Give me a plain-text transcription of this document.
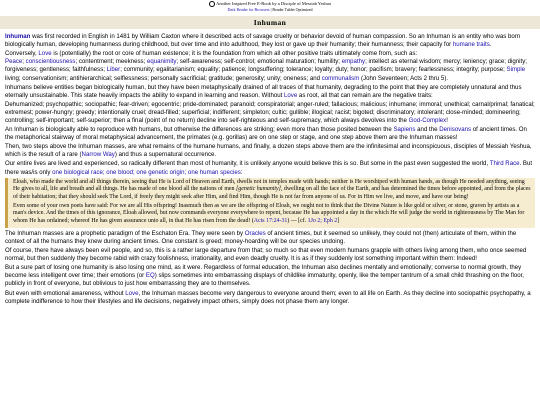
Another Inspired Free E-Book by a Disciple of Messiah Yeshua
Dark Reader for Browsers | Reader Tablet Optimized
Inhuman

Inhuman was first recorded in English in 1481 by William Caxton where it described acts of savage cruelty or behavior devoid of human compassion. So an Inhuman is an entity who was born biologically human, developing humanness during childhood, but over time and into adulthood, they lost or gave up their humanity; their humanness; their capacity for humane traits.

Conversely, Love is (potentially) the root or core of human existence; it is the foundation from which all other positive traits ultimately come from, such as:
Peace; conscientiousness; contentment; meekness; equanimity; self-awareness; self-control; emotional maturation; humility; empathy; intellect as eternal wisdom; mercy; leniency; grace; dignity; forgiveness; gentleness; faithfulness; Liber; community; egalitarianism; equality; patience; longsuffering; tolerance; loyalty; duty; honor; pacifism; bravery; fearlessness; integrity; purpose; Simple living; conservationism; antihierarchical; selflessness; personally sacrificial; gratitude; generosity; unity; oneness; and communalism (John Seventeen; Acts 2 thru 5).

Inhumans believe entities began biologically human, but they have been metaphysically drained of all traces of that humanity, degrading to the point that they are completely unnatural and thus eternally unsustainable. This state heavily impacts the ability to expand in learning and reason. Without Love as root, all that can remain are the negative traits:

Dehumanized; psychopathic; sociopathic; fear-driven; egocentric; pride-dominated; paranoid; conspiratorial; anger-ruled; fallacious; malicious; inhumane; immoral; unethical; carnal/primal; fanatical; extremest; power-hungry; greedy; intentionally cruel; dread-filled; superficial; indifferent; simpleton; cultic; gullible; illogical; racist; bigoted; discriminatory; intolerant; close-minded; domineering; controlling; self-important; self-superior; then a final (point of no return) decline into self-righteous and self-supremacy, which always devolves into the God-Complex!

An Inhuman is biologically able to reproduce with humans, but otherwise the differences are striking; even more than those posited between the Sapiens and the Denisovans of ancient times. On the metaphorical stairway of moral metaphysical advancement, the primates (e.g. gorillas) are on one step or stage, and one step above them are the Inhuman masses!

Then, two steps above the Inhuman masses, are what remains of the humane humans, and finally, a dozen steps above them are the infinitesimal and inconspicuous, disciples of Messiah Yeshua, which is the result of a rare (Narrow Way) and thus a supernatural occurrence.

Our entire lives are lived and experienced, so radically different than most of humanity, it is unlikely anyone would believe this is so. But some in the past even suggested the world, Third Race. But there was/is only one biological race; one blood; one genetic origin; one human species:

Eloah, who made the world and all things therein, seeing that He is Lord of Heaven and Earth, dwells not in temples made with hands; neither is He worshiped with human hands, as though He needed anything, seeing He gives to all, life and breath and all things. He has made of one blood all the nations of men [genetic humanity], dwelling on all the face of the Earth, and has determined the times before appointed, and from the places of their habitation; that they should seek The Lord, if freely they might seek after Him, and find Him, though He is not far from anyone of us. For in Him we live, and move, and have our being!

Even some of your own poets have said: For we are all His offspring! Inasmuch then as we are the offspring of Eloah, we ought not to think that the Divine Nature is like gold or silver, or stone, graven by artists as a man's device. And the times of this ignorance, Eloah allowed, but now commands everyone everywhere to repent, because He has appointed a day in the which He will judge the world in righteousness by The Man for whom He has ordained; whereof He has given assurance unto all, in that He has risen from the dead! (Acts 17:24-31) — [cf. 1Jo 2; Eph 2]

The Inhuman masses are a prophetic paradigm of the Eschaton Era. They were seen by Oracles of ancient times, but it seemed so unlikely, they could not (then) articulate of them, within the context of all the humans they knew during ancient times. One constant is greed; money-hoarding will be our species undoing.

Of course, there have always been evil people, and so, this is a rather large departure from that; so much so that even modern humans grapple with others living among them, who once seemed normal, but then suddenly they become rabid with crazy foolishness, irrationality, and even deadly cruelty. It is as if they suddenly lost something important within them: Indeed!

But a sure part of losing one humanity is also losing one mind, as it were. Regardless of formal education, the Inhuman also declines mentally and emotionally; converse to normal growth, they become less intelligent over time; their emotions (or EQ) slips sometimes into embarrassing displays of childlike immaturity, openly, like the temper tantrum of a small child thrashing on the floor, publicly in front of everyone, but oblivious to just how embarrassing they are to themselves.

But even with emotional awareness, without Love, the Inhuman masses become very dangerous to everyone around them; even to all life on Earth. As they decline into sociopathic psychopathy, a complete indifference to how their lifestyles and life decisions, negatively impact others, simply does not phase them any longer.
